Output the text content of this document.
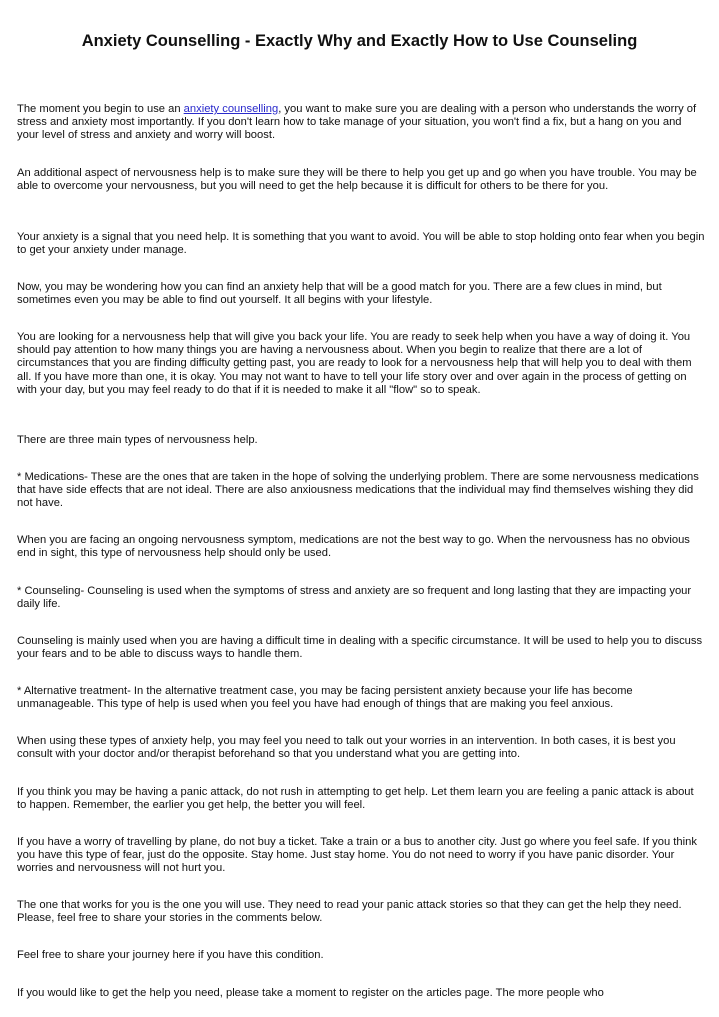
Anxiety Counselling - Exactly Why and Exactly How to Use Counseling

The moment you begin to use an anxiety counselling, you want to make sure you are dealing with a person who understands the worry of stress and anxiety most importantly. If you don't learn how to take manage of your situation, you won't find a fix, but a hang on you and your level of stress and anxiety and worry will boost.

An additional aspect of nervousness help is to make sure they will be there to help you get up and go when you have trouble. You may be able to overcome your nervousness, but you will need to get the help because it is difficult for others to be there for you.

Your anxiety is a signal that you need help. It is something that you want to avoid. You will be able to stop holding onto fear when you begin to get your anxiety under manage.

Now, you may be wondering how you can find an anxiety help that will be a good match for you. There are a few clues in mind, but sometimes even you may be able to find out yourself. It all begins with your lifestyle.

You are looking for a nervousness help that will give you back your life. You are ready to seek help when you have a way of doing it. You should pay attention to how many things you are having a nervousness about. When you begin to realize that there are a lot of circumstances that you are finding difficulty getting past, you are ready to look for a nervousness help that will help you to deal with them all. If you have more than one, it is okay. You may not want to have to tell your life story over and over again in the process of getting on with your day, but you may feel ready to do that if it is needed to make it all "flow" so to speak.

There are three main types of nervousness help.

* Medications- These are the ones that are taken in the hope of solving the underlying problem. There are some nervousness medications that have side effects that are not ideal. There are also anxiousness medications that the individual may find themselves wishing they did not have.

When you are facing an ongoing nervousness symptom, medications are not the best way to go. When the nervousness has no obvious end in sight, this type of nervousness help should only be used.

* Counseling- Counseling is used when the symptoms of stress and anxiety are so frequent and long lasting that they are impacting your daily life.

Counseling is mainly used when you are having a difficult time in dealing with a specific circumstance. It will be used to help you to discuss your fears and to be able to discuss ways to handle them.

* Alternative treatment- In the alternative treatment case, you may be facing persistent anxiety because your life has become unmanageable. This type of help is used when you feel you have had enough of things that are making you feel anxious.

When using these types of anxiety help, you may feel you need to talk out your worries in an intervention. In both cases, it is best you consult with your doctor and/or therapist beforehand so that you understand what you are getting into.

If you think you may be having a panic attack, do not rush in attempting to get help. Let them learn you are feeling a panic attack is about to happen. Remember, the earlier you get help, the better you will feel.

If you have a worry of travelling by plane, do not buy a ticket. Take a train or a bus to another city. Just go where you feel safe. If you think you have this type of fear, just do the opposite. Stay home. Just stay home. You do not need to worry if you have panic disorder. Your worries and nervousness will not hurt you.

The one that works for you is the one you will use. They need to read your panic attack stories so that they can get the help they need. Please, feel free to share your stories in the comments below.

Feel free to share your journey here if you have this condition.

If you would like to get the help you need, please take a moment to register on the articles page. The more people who
